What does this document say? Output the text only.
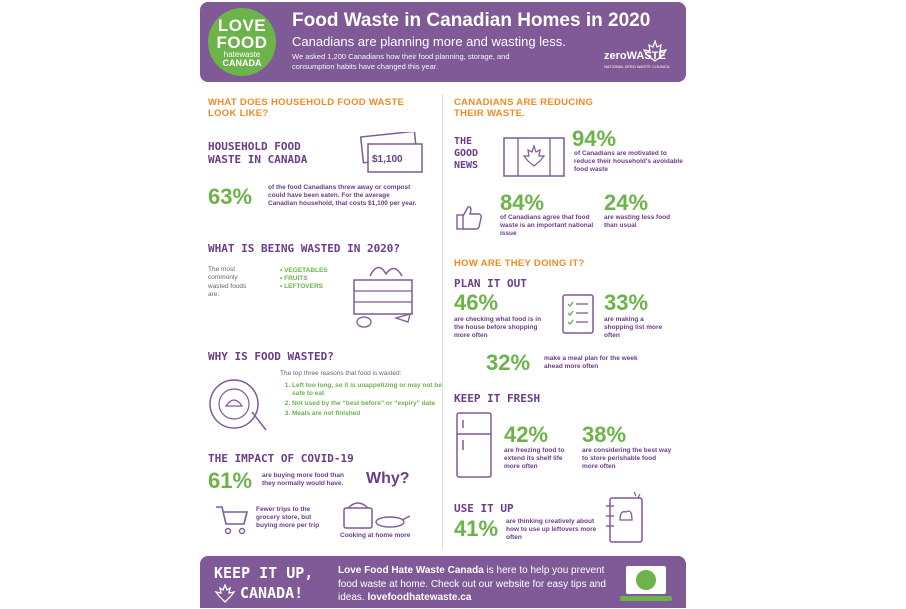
LOVE
FOOD
hatewaste
CANADA
Food Waste in Canadian Homes in 2020
Canadians are planning more and wasting less.
We asked 1,200 Canadians how their food planning, storage, and consumption habits have changed this year.
zeroWASTE
NATIONAL ZERO WASTE COUNCIL
WHAT DOES HOUSEHOLD FOOD WASTE LOOK LIKE?
HOUSEHOLD FOOD WASTE IN CANADA	$1,100
63% of the food Canadians threw away or compost could have been eaten. For the average Canadian household, that costs $1,100 per year.
WHAT IS BEING WASTED IN 2020?
The most commonly wasted foods are:
• VEGETABLES
• FRUITS
• LEFTOVERS
WHY IS FOOD WASTED?
The top three reasons that food is wasted:
1. Left too long, so it is unappetizing or may not be safe to eat
2. Not used by the “best before” or “expiry” date
3. Meals are not finished
THE IMPACT OF COVID-19
61% are buying more food than they normally would have.	Why?
Fewer trips to the grocery store, but buying more per trip
Cooking at home more
CANADIANS ARE REDUCING THEIR WASTE.
THE GOOD NEWS
94%
of Canadians are motivated to reduce their household's avoidable food waste
84%
of Canadians agree that food waste is an important national issue
24%
are wasting less food than usual
HOW ARE THEY DOING IT?
PLAN IT OUT
46%
are checking what food is in the house before shopping more often
33%
are making a shopping list more often
32% make a meal plan for the week ahead more often
KEEP IT FRESH
42%
are freezing food to extend its shelf life more often
38%
are considering the best way to store perishable food more often
USE IT UP
41% are thinking creatively about how to use up leftovers more often
KEEP IT UP,
CANADA!
Love Food Hate Waste Canada is here to help you prevent food waste at home. Check out our website for easy tips and ideas. lovefoodhatewaste.ca
